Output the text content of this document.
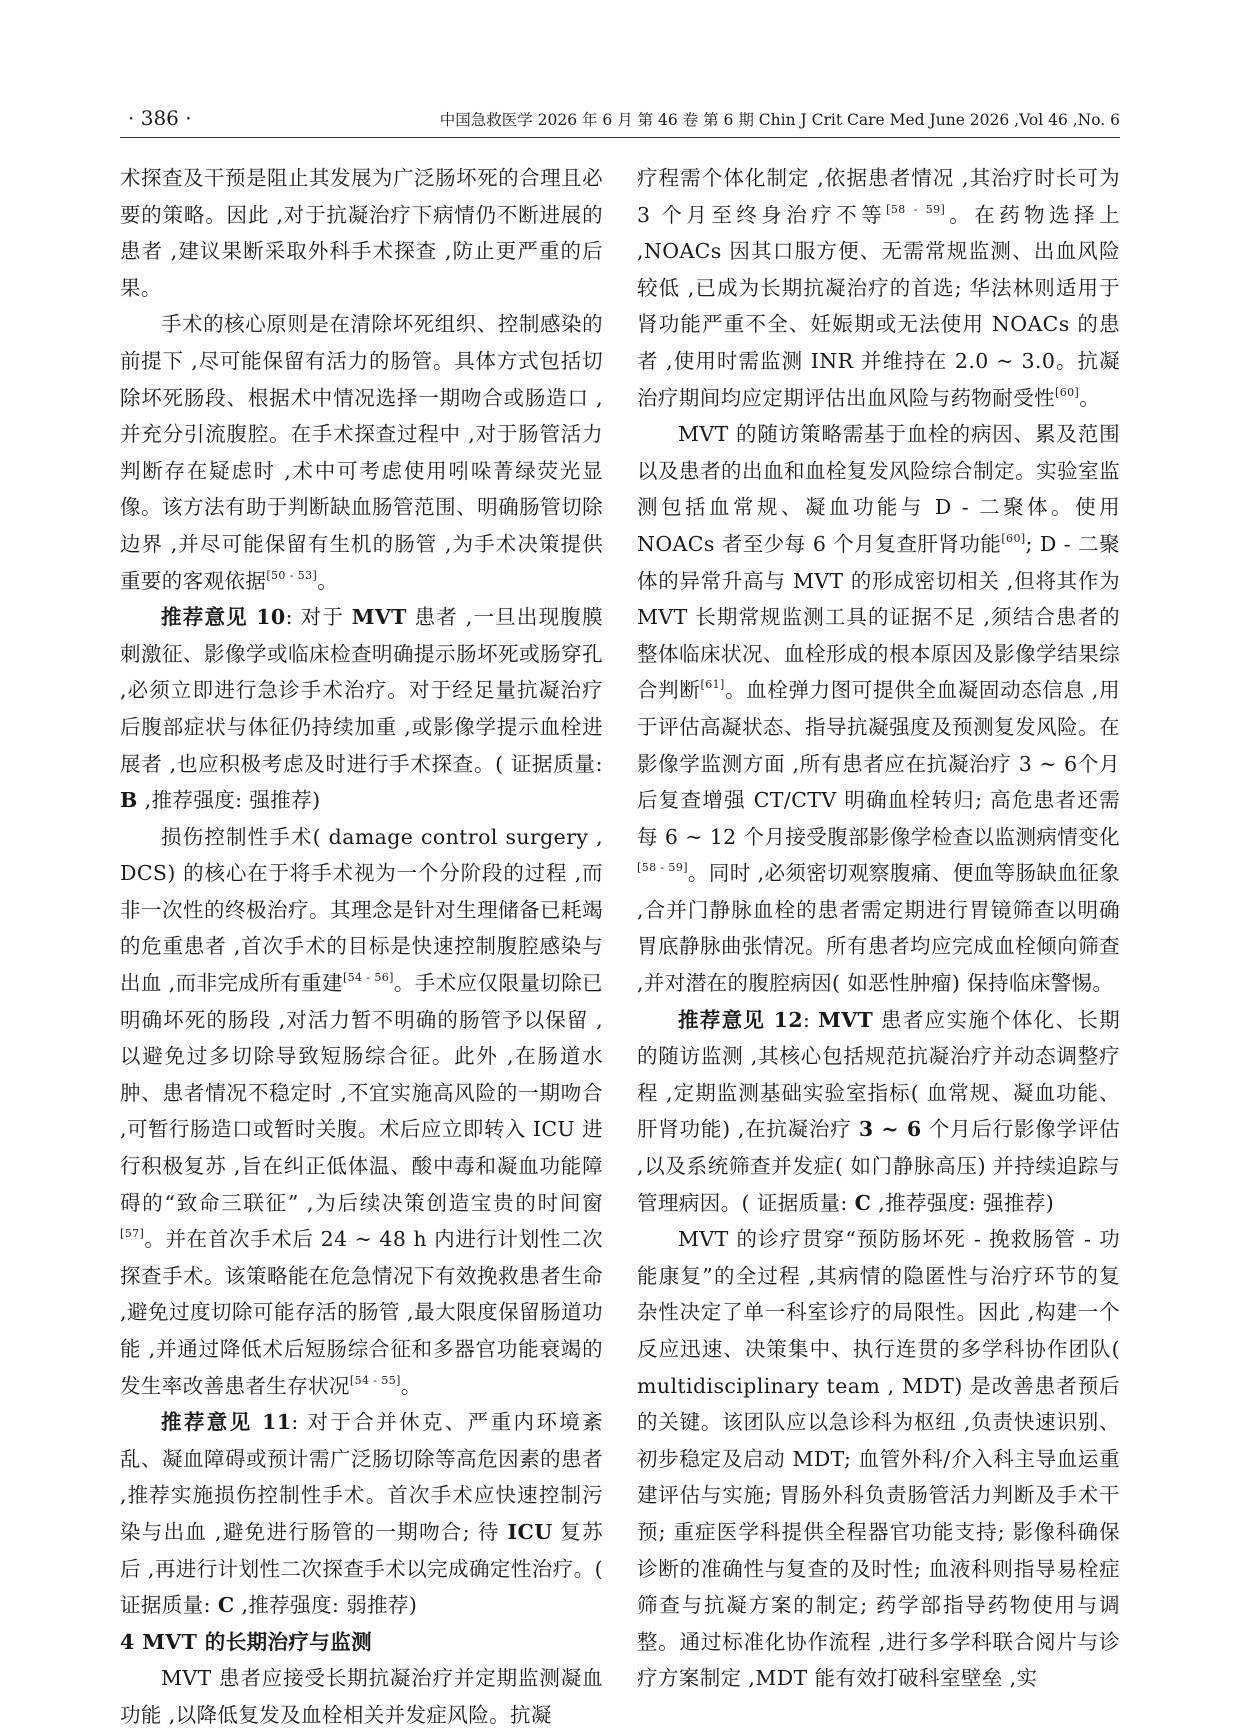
· 386 ·	中国急救医学 2026 年 6 月 第 46 卷 第 6 期 Chin J Crit Care Med June 2026 ,Vol 46 ,No. 6

术探查及干预是阻止其发展为广泛肠坏死的合理且必要的策略。因此 ,对于抗凝治疗下病情仍不断进展的患者 ,建议果断采取外科手术探查 ,防止更严重的后果。

手术的核心原则是在清除坏死组织、控制感染的前提下 ,尽可能保留有活力的肠管。具体方式包括切除坏死肠段、根据术中情况选择一期吻合或肠造口 ,并充分引流腹腔。在手术探查过程中 ,对于肠管活力判断存在疑虑时 ,术中可考虑使用吲哚菁绿荧光显像。该方法有助于判断缺血肠管范围、明确肠管切除边界 ,并尽可能保留有生机的肠管 ,为手术决策提供重要的客观依据[50 - 53]。

推荐意见 10: 对于 MVT 患者 ,一旦出现腹膜刺激征、影像学或临床检查明确提示肠坏死或肠穿孔 ,必须立即进行急诊手术治疗。对于经足量抗凝治疗后腹部症状与体征仍持续加重 ,或影像学提示血栓进展者 ,也应积极考虑及时进行手术探查。( 证据质量: B ,推荐强度: 强推荐)

损伤控制性手术( damage control surgery , DCS) 的核心在于将手术视为一个分阶段的过程 ,而非一次性的终极治疗。其理念是针对生理储备已耗竭的危重患者 ,首次手术的目标是快速控制腹腔感染与出血 ,而非完成所有重建[54 - 56]。手术应仅限量切除已明确坏死的肠段 ,对活力暂不明确的肠管予以保留 ,以避免过多切除导致短肠综合征。此外 ,在肠道水肿、患者情况不稳定时 ,不宜实施高风险的一期吻合 ,可暂行肠造口或暂时关腹。术后应立即转入 ICU 进行积极复苏 ,旨在纠正低体温、酸中毒和凝血功能障碍的“致命三联征” ,为后续决策创造宝贵的时间窗[57]。并在首次手术后 24 ~ 48 h 内进行计划性二次探查手术。该策略能在危急情况下有效挽救患者生命 ,避免过度切除可能存活的肠管 ,最大限度保留肠道功能 ,并通过降低术后短肠综合征和多器官功能衰竭的发生率改善患者生存状况[54 - 55]。

推荐意见 11: 对于合并休克、严重内环境紊乱、凝血障碍或预计需广泛肠切除等高危因素的患者 ,推荐实施损伤控制性手术。首次手术应快速控制污染与出血 ,避免进行肠管的一期吻合; 待 ICU 复苏后 ,再进行计划性二次探查手术以完成确定性治疗。( 证据质量: C ,推荐强度: 弱推荐)

4 MVT 的长期治疗与监测

MVT 患者应接受长期抗凝治疗并定期监测凝血功能 ,以降低复发及血栓相关并发症风险。抗凝

疗程需个体化制定 ,依据患者情况 ,其治疗时长可为 3 个月至终身治疗不等[58 - 59]。在药物选择上 ,NOACs 因其口服方便、无需常规监测、出血风险较低 ,已成为长期抗凝治疗的首选; 华法林则适用于肾功能严重不全、妊娠期或无法使用 NOACs 的患者 ,使用时需监测 INR 并维持在 2.0 ~ 3.0。抗凝治疗期间均应定期评估出血风险与药物耐受性[60]。

MVT 的随访策略需基于血栓的病因、累及范围以及患者的出血和血栓复发风险综合制定。实验室监测包括血常规、凝血功能与 D - 二聚体。使用 NOACs 者至少每 6 个月复查肝肾功能[60]; D - 二聚体的异常升高与 MVT 的形成密切相关 ,但将其作为 MVT 长期常规监测工具的证据不足 ,须结合患者的整体临床状况、血栓形成的根本原因及影像学结果综合判断[61]。血栓弹力图可提供全血凝固动态信息 ,用于评估高凝状态、指导抗凝强度及预测复发风险。在影像学监测方面 ,所有患者应在抗凝治疗 3 ~ 6个月后复查增强 CT/CTV 明确血栓转归; 高危患者还需每 6 ~ 12 个月接受腹部影像学检查以监测病情变化[58 - 59]。同时 ,必须密切观察腹痛、便血等肠缺血征象 ,合并门静脉血栓的患者需定期进行胃镜筛查以明确胃底静脉曲张情况。所有患者均应完成血栓倾向筛查 ,并对潜在的腹腔病因( 如恶性肿瘤) 保持临床警惕。

推荐意见 12: MVT 患者应实施个体化、长期的随访监测 ,其核心包括规范抗凝治疗并动态调整疗程 ,定期监测基础实验室指标( 血常规、凝血功能、肝肾功能) ,在抗凝治疗 3 ~ 6 个月后行影像学评估 ,以及系统筛查并发症( 如门静脉高压) 并持续追踪与管理病因。( 证据质量: C ,推荐强度: 强推荐)

MVT 的诊疗贯穿“预防肠坏死 - 挽救肠管 - 功能康复”的全过程 ,其病情的隐匿性与治疗环节的复杂性决定了单一科室诊疗的局限性。因此 ,构建一个反应迅速、决策集中、执行连贯的多学科协作团队( multidisciplinary team , MDT) 是改善患者预后的关键。该团队应以急诊科为枢纽 ,负责快速识别、初步稳定及启动 MDT; 血管外科/介入科主导血运重建评估与实施; 胃肠外科负责肠管活力判断及手术干预; 重症医学科提供全程器官功能支持; 影像科确保诊断的准确性与复查的及时性; 血液科则指导易栓症筛查与抗凝方案的制定; 药学部指导药物使用与调整。通过标准化协作流程 ,进行多学科联合阅片与诊疗方案制定 ,MDT 能有效打破科室壁垒 ,实
